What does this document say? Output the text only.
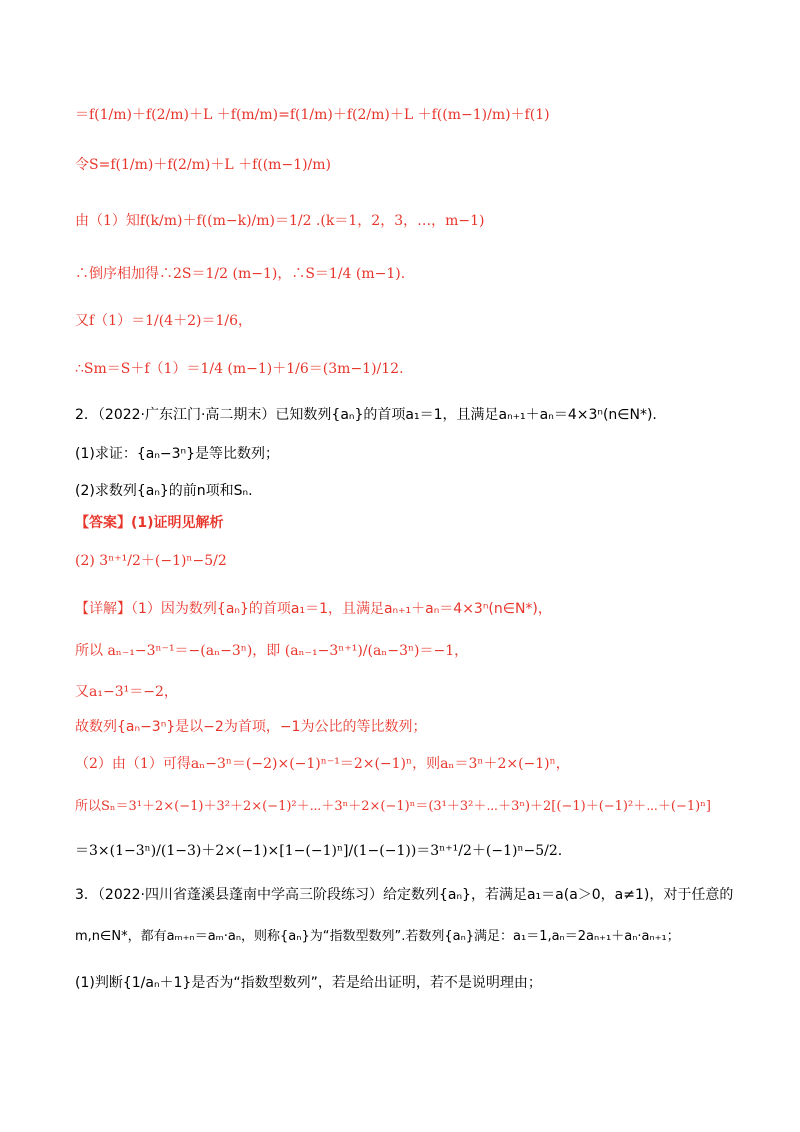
＝f(1/m)＋f(2/m)＋L ＋f(m/m)=f(1/m)＋f(2/m)＋L ＋f((m−1)/m)＋f(1)
令S=f(1/m)＋f(2/m)＋L ＋f((m−1)/m)
由（1）知f(k/m)＋f((m−k)/m)＝1/2 .(k＝1，2，3，…，m−1)
∴倒序相加得∴2S＝1/2 (m−1)，∴S＝1/4 (m−1).
又f（1）＝1/(4＋2)＝1/6，
∴Sm＝S＋f（1）＝1/4 (m−1)＋1/6＝(3m−1)/12.
2．（2022·广东江门·高二期末）已知数列{aₙ}的首项a₁＝1，且满足aₙ₊₁＋aₙ＝4×3ⁿ(n∈N*).
(1)求证：{aₙ−3ⁿ}是等比数列；
(2)求数列{aₙ}的前n项和Sₙ.
【答案】(1)证明见解析
(2) 3ⁿ⁺¹/2＋(−1)ⁿ−5/2
【详解】（1）因为数列{aₙ}的首项a₁＝1，且满足aₙ₊₁＋aₙ＝4×3ⁿ(n∈N*)，
所以 aₙ₋₁−3ⁿ⁻¹＝−(aₙ−3ⁿ)，即 (aₙ₋₁−3ⁿ⁺¹)/(aₙ−3ⁿ)＝−1，
又a₁−3¹＝−2，
故数列{aₙ−3ⁿ}是以−2为首项，−1为公比的等比数列；
（2）由（1）可得aₙ−3ⁿ＝(−2)×(−1)ⁿ⁻¹＝2×(−1)ⁿ，则aₙ＝3ⁿ＋2×(−1)ⁿ，
所以Sₙ＝3¹＋2×(−1)＋3²＋2×(−1)²＋⋯＋3ⁿ＋2×(−1)ⁿ＝(3¹＋3²＋⋯＋3ⁿ)＋2[(−1)＋(−1)²＋⋯＋(−1)ⁿ]
＝3×(1−3ⁿ)/(1−3)＋2×(−1)×[1−(−1)ⁿ]/(1−(−1))＝3ⁿ⁺¹/2＋(−1)ⁿ−5/2.
3．（2022·四川省蓬溪县蓬南中学高三阶段练习）给定数列{aₙ}，若满足a₁＝a(a＞0，a≠1)，对于任意的
m,n∈N*，都有aₘ₊ₙ＝aₘ·aₙ，则称{aₙ}为“指数型数列”.若数列{aₙ}满足：a₁＝1,aₙ＝2aₙ₊₁＋aₙ·aₙ₊₁；
(1)判断{1/aₙ＋1}是否为“指数型数列”，若是给出证明，若不是说明理由；
